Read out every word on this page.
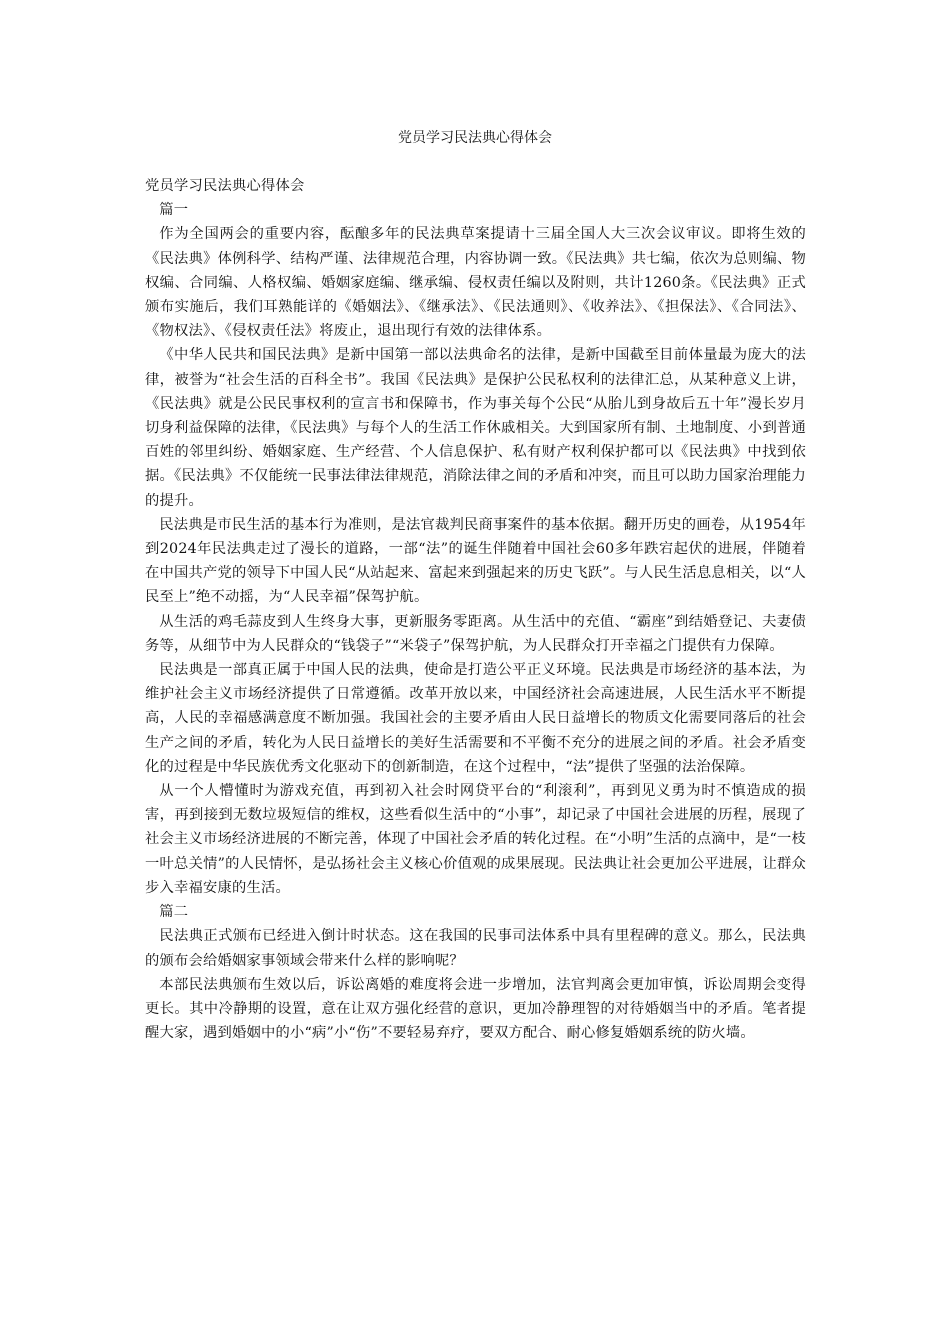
党员学习民法典心得体会

党员学习民法典心得体会

篇一

作为全国两会的重要内容，酝酿多年的民法典草案提请十三届全国人大三次会议审议。即将生效的《民法典》体例科学、结构严谨、法律规范合理，内容协调一致。《民法典》共七编，依次为总则编、物权编、合同编、人格权编、婚姻家庭编、继承编、侵权责任编以及附则，共计1260条。《民法典》正式颁布实施后，我们耳熟能详的《婚姻法》、《继承法》、《民法通则》、《收养法》、《担保法》、《合同法》、《物权法》、《侵权责任法》将废止，退出现行有效的法律体系。

《中华人民共和国民法典》是新中国第一部以法典命名的法律，是新中国截至目前体量最为庞大的法律，被誉为“社会生活的百科全书”。我国《民法典》是保护公民私权利的法律汇总，从某种意义上讲，《民法典》就是公民民事权利的宣言书和保障书，作为事关每个公民“从胎儿到身故后五十年”漫长岁月切身利益保障的法律，《民法典》与每个人的生活工作休戚相关。大到国家所有制、土地制度、小到普通百姓的邻里纠纷、婚姻家庭、生产经营、个人信息保护、私有财产权利保护都可以《民法典》中找到依据。《民法典》不仅能统一民事法律法律规范，消除法律之间的矛盾和冲突，而且可以助力国家治理能力的提升。

民法典是市民生活的基本行为准则，是法官裁判民商事案件的基本依据。翻开历史的画卷，从1954年到2024年民法典走过了漫长的道路，一部“法”的诞生伴随着中国社会60多年跌宕起伏的进展，伴随着在中国共产党的领导下中国人民“从站起来、富起来到强起来的历史飞跃”。与人民生活息息相关，以“人民至上”绝不动摇，为“人民幸福”保驾护航。

从生活的鸡毛蒜皮到人生终身大事，更新服务零距离。从生活中的充值、“霸座”到结婚登记、夫妻债务等，从细节中为人民群众的“钱袋子”“米袋子”保驾护航，为人民群众打开幸福之门提供有力保障。

民法典是一部真正属于中国人民的法典，使命是打造公平正义环境。民法典是市场经济的基本法，为维护社会主义市场经济提供了日常遵循。改革开放以来，中国经济社会高速进展，人民生活水平不断提高，人民的幸福感满意度不断加强。我国社会的主要矛盾由人民日益增长的物质文化需要同落后的社会生产之间的矛盾，转化为人民日益增长的美好生活需要和不平衡不充分的进展之间的矛盾。社会矛盾变化的过程是中华民族优秀文化驱动下的创新制造，在这个过程中，“法”提供了坚强的法治保障。

从一个人懵懂时为游戏充值，再到初入社会时网贷平台的“利滚利”，再到见义勇为时不慎造成的损害，再到接到无数垃圾短信的维权，这些看似生活中的“小事”，却记录了中国社会进展的历程，展现了社会主义市场经济进展的不断完善，体现了中国社会矛盾的转化过程。在“小明”生活的点滴中，是“一枝一叶总关情”的人民情怀，是弘扬社会主义核心价值观的成果展现。民法典让社会更加公平进展，让群众步入幸福安康的生活。

篇二

民法典正式颁布已经进入倒计时状态。这在我国的民事司法体系中具有里程碑的意义。那么，民法典的颁布会给婚姻家事领域会带来什么样的影响呢？

本部民法典颁布生效以后，诉讼离婚的难度将会进一步增加，法官判离会更加审慎，诉讼周期会变得更长。其中冷静期的设置，意在让双方强化经营的意识，更加冷静理智的对待婚姻当中的矛盾。笔者提醒大家，遇到婚姻中的小“病”小“伤”不要轻易弃疗，要双方配合、耐心修复婚姻系统的防火墙。
